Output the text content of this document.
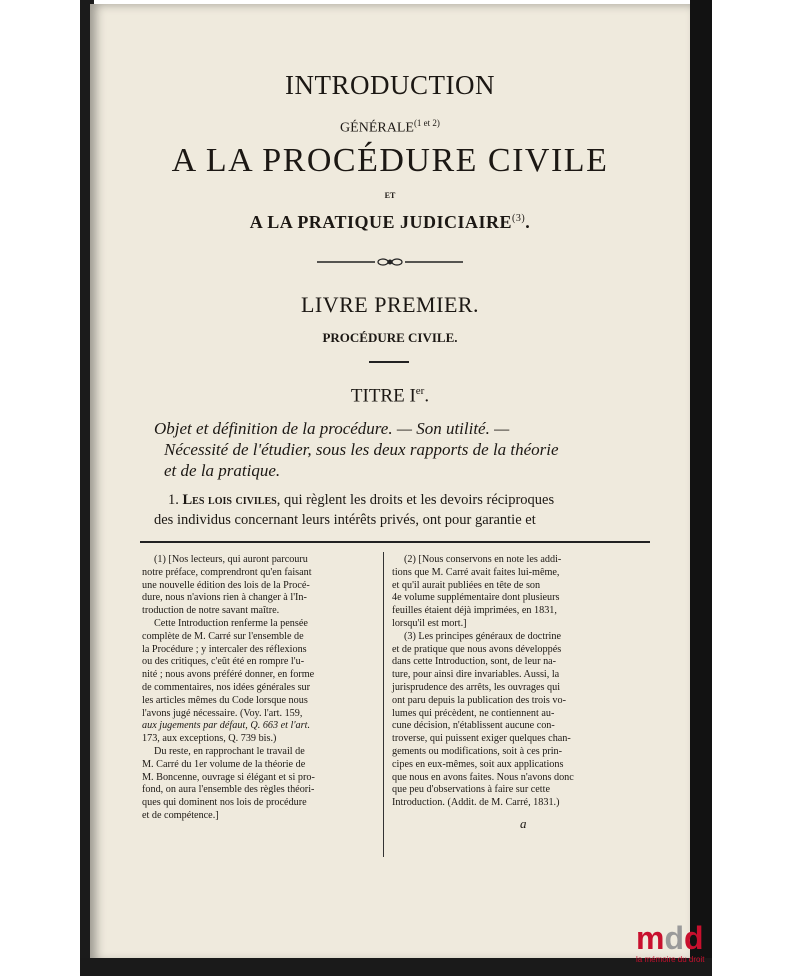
INTRODUCTION
$GÉNÉRALE^{(1 et 2)}$
A LA PROCÉDURE CIVILE
ET
A LA PRATIQUE JUDICIAIRE$^{(3)}$.
LIVRE PREMIER.
PROCÉDURE CIVILE.
TITRE Ier.
Objet et définition de la procédure. — Son utilité. —
Nécessité de l'étudier, sous les deux rapports de la théorie
et de la pratique.
1. Les lois civiles, qui règlent les droits et les devoirs réciproques
des individus concernant leurs intérêts privés, ont pour garantie et
(1) [Nos lecteurs, qui auront parcouru
notre préface, comprendront qu'en faisant
une nouvelle édition des lois de la Procé-
dure, nous n'avions rien à changer à l'In-
troduction de notre savant maître.
Cette Introduction renferme la pensée
complète de M. Carré sur l'ensemble de
la Procédure ; y intercaler des réflexions
ou des critiques, c'eût été en rompre l'u-
nité ; nous avons préféré donner, en forme
de commentaires, nos idées générales sur
les articles mêmes du Code lorsque nous
l'avons jugé nécessaire. (Voy. l'art. 159,
aux jugements par défaut, Q. 663 et l'art.
173, aux exceptions, Q. 739 bis.)
Du reste, en rapprochant le travail de
M. Carré du 1er volume de la théorie de
M. Boncenne, ouvrage si élégant et si pro-
fond, on aura l'ensemble des règles théori-
ques qui dominent nos lois de procédure
et de compétence.]
(2) [Nous conservons en note les addi-
tions que M. Carré avait faites lui-même,
et qu'il aurait publiées en tête de son
4e volume supplémentaire dont plusieurs
feuilles étaient déjà imprimées, en 1831,
lorsqu'il est mort.]
(3) Les principes généraux de doctrine
et de pratique que nous avons développés
dans cette Introduction, sont, de leur na-
ture, pour ainsi dire invariables. Aussi, la
jurisprudence des arrêts, les ouvrages qui
ont paru depuis la publication des trois vo-
lumes qui précèdent, ne contiennent au-
cune décision, n'établissent aucune con-
troverse, qui puissent exiger quelques chan-
gements ou modifications, soit à ces prin-
cipes en eux-mêmes, soit aux applications
que nous en avons faites. Nous n'avons donc
que peu d'observations à faire sur cette
Introduction. (Addit. de M. Carré, 1831.)
a
mdd
la mémoire du droit
